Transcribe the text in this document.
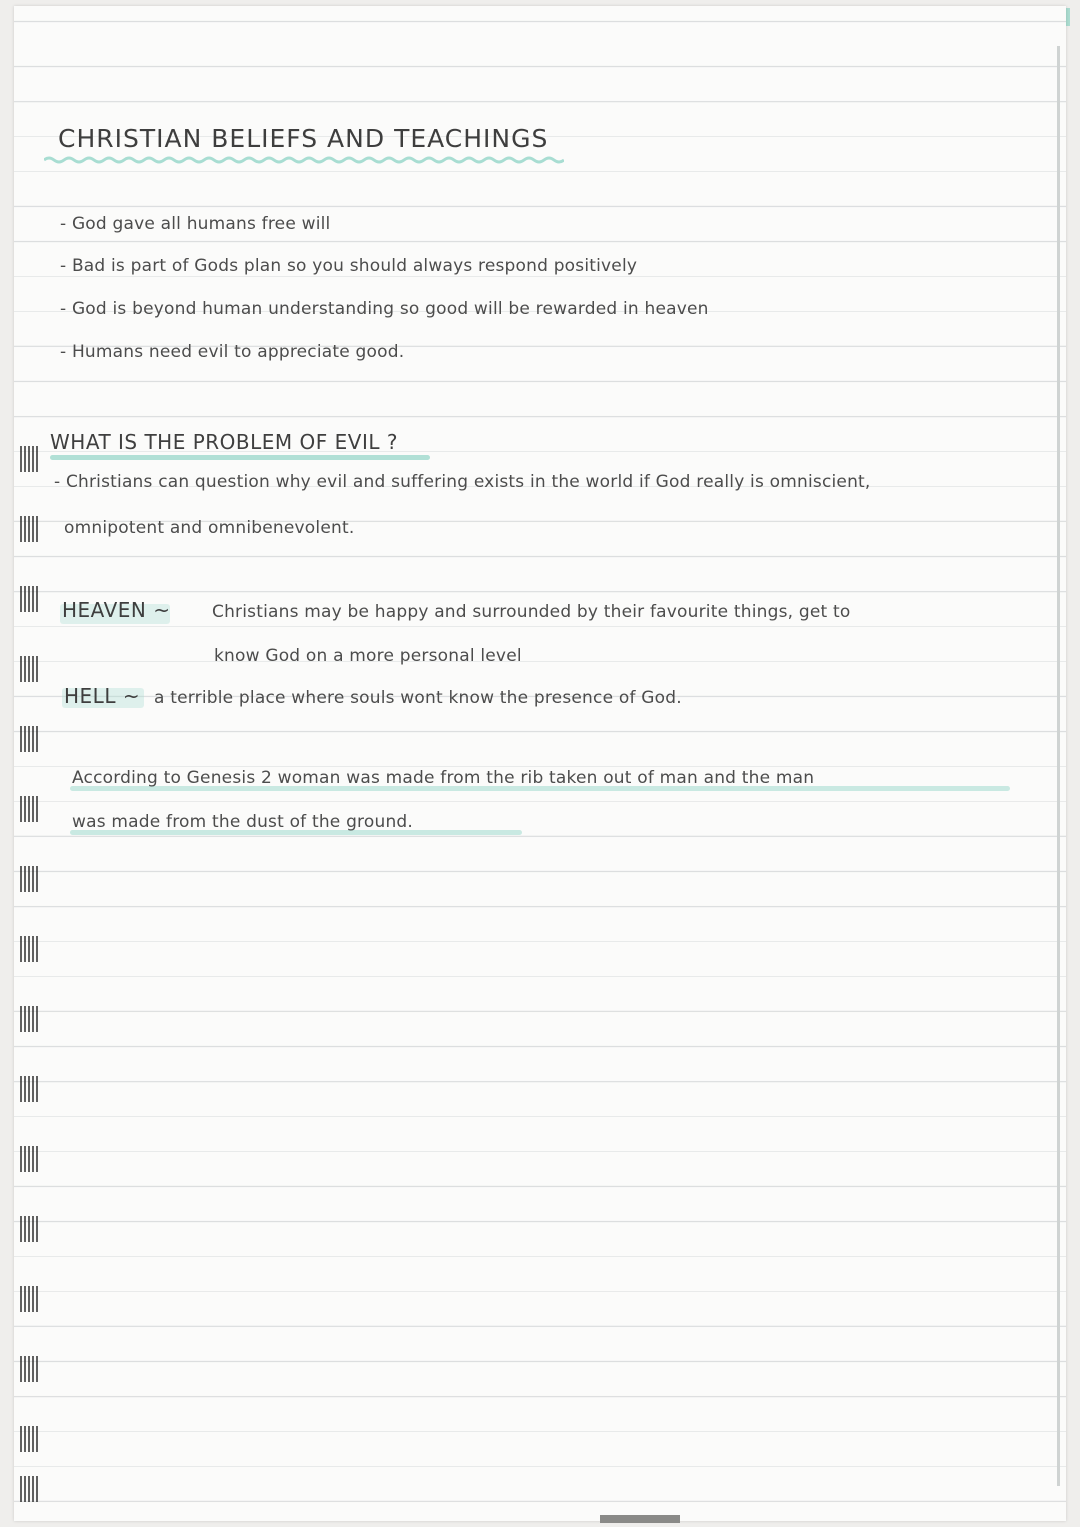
CHRISTIAN BELIEFS AND TEACHINGS
- God gave all humans free will
- Bad is part of Gods plan so you should always respond positively
- God is beyond human understanding so good will be rewarded in heaven
- Humans need evil to appreciate good.
WHAT IS THE PROBLEM OF EVIL ?
- Christians can question why evil and suffering exists in the world if God really is omniscient,
omnipotent and omnibenevolent.
HEAVEN ~ Christians may be happy and surrounded by their favourite things, get to
know God on a more personal level
HELL ~ a terrible place where souls wont know the presence of God.
According to Genesis 2 woman was made from the rib taken out of man and the man
was made from the dust of the ground.
